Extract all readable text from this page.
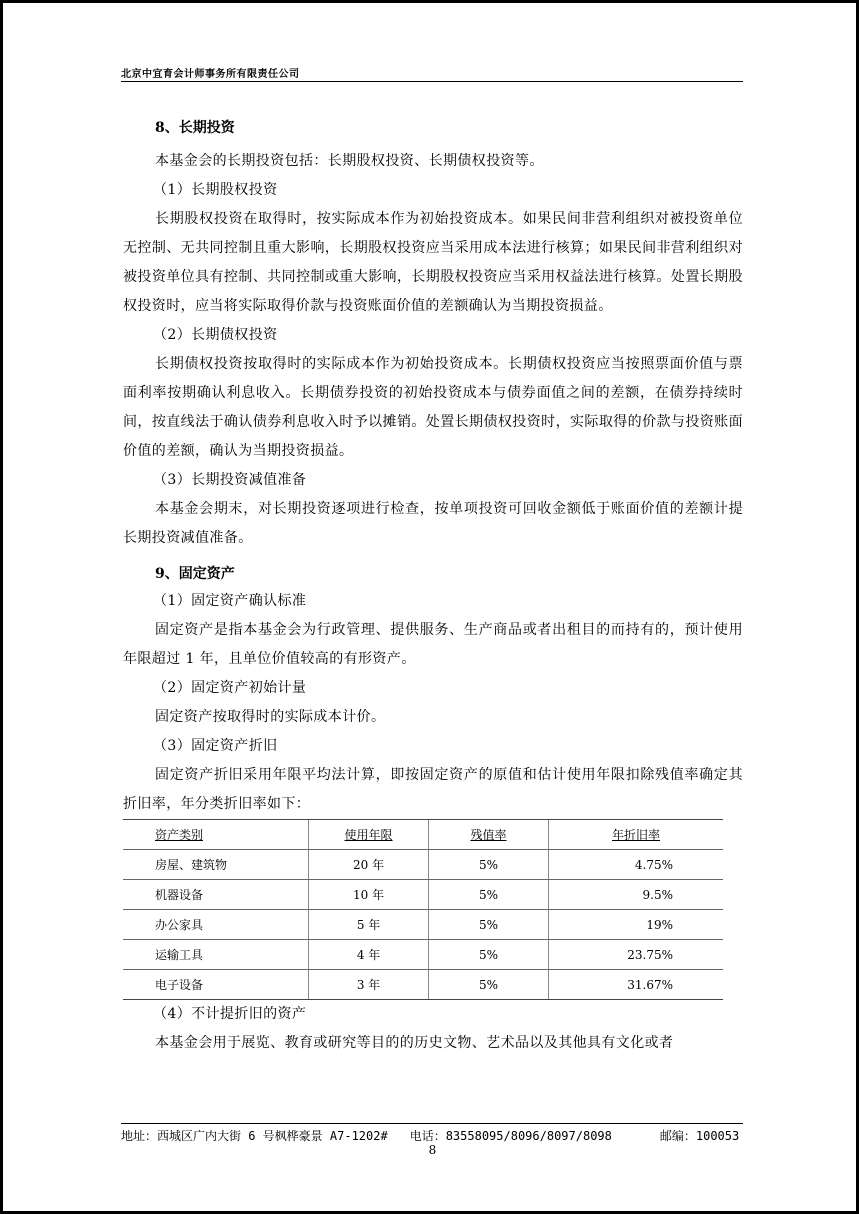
北京中宜育会计师事务所有限责任公司

8、长期投资

本基金会的长期投资包括：长期股权投资、长期债权投资等。

（1）长期股权投资

长期股权投资在取得时，按实际成本作为初始投资成本。如果民间非营利组织对被投资单位无控制、无共同控制且重大影响，长期股权投资应当采用成本法进行核算；如果民间非营利组织对被投资单位具有控制、共同控制或重大影响，长期股权投资应当采用权益法进行核算。处置长期股权投资时，应当将实际取得价款与投资账面价值的差额确认为当期投资损益。

（2）长期债权投资

长期债权投资按取得时的实际成本作为初始投资成本。长期债权投资应当按照票面价值与票面利率按期确认利息收入。长期债券投资的初始投资成本与债券面值之间的差额，在债券持续时间，按直线法于确认债券利息收入时予以摊销。处置长期债权投资时，实际取得的价款与投资账面价值的差额，确认为当期投资损益。

（3）长期投资减值准备

本基金会期末，对长期投资逐项进行检查，按单项投资可回收金额低于账面价值的差额计提长期投资减值准备。

9、固定资产

（1）固定资产确认标准

固定资产是指本基金会为行政管理、提供服务、生产商品或者出租目的而持有的，预计使用年限超过 1 年，且单位价值较高的有形资产。

（2）固定资产初始计量

固定资产按取得时的实际成本计价。

（3）固定资产折旧

固定资产折旧采用年限平均法计算，即按固定资产的原值和估计使用年限扣除残值率确定其折旧率，年分类折旧率如下：

资产类别	使用年限	残值率	年折旧率
房屋、建筑物	20 年	5%	4.75%
机器设备	10 年	5%	9.5%
办公家具	5 年	5%	19%
运输工具	4 年	5%	23.75%
电子设备	3 年	5%	31.67%

（4）不计提折旧的资产

本基金会用于展览、教育或研究等目的的历史文物、艺术品以及其他具有文化或者

地址：西城区广内大街 6 号枫桦豪景 A7-1202# 电话：83558095/8096/8097/8098	邮编：100053
8
